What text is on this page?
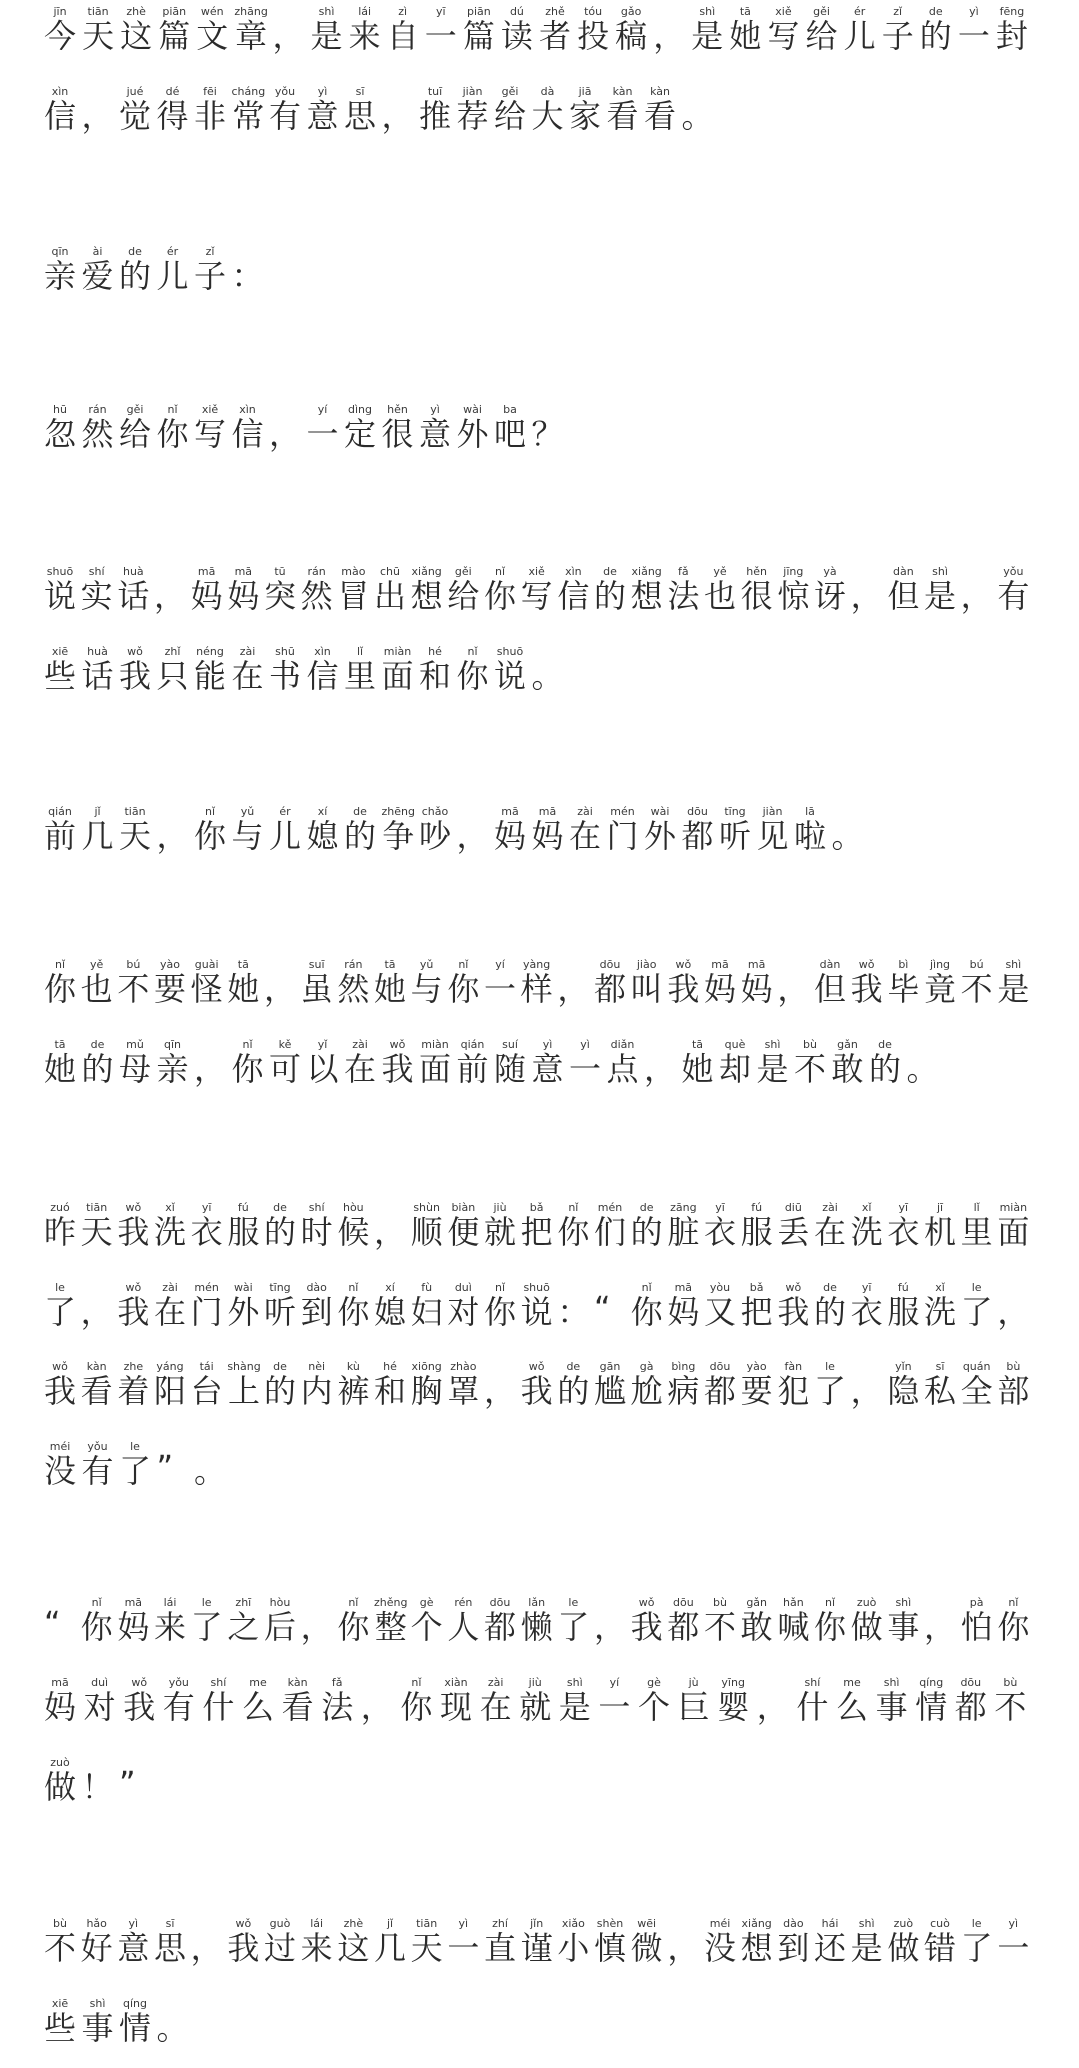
今jīn
天tiān
这zhè
篇piān
文wén
章zhāng
， 是shì
来lái
自zì
一yī
篇piān
读dú
者zhě
投tóu
稿gǎo
， 是shì
她tā
写xiě
给gěi
儿ér
子zǐ
的de
一yì
封fēng
信xìn
， 觉jué
得dé
非fēi
常cháng
有yǒu
意yì
思sī
， 推tuī
荐jiàn
给gěi
大dà
家jiā
看kàn
看kàn
。
亲qīn
爱ài
的de
儿ér
子zǐ
：
忽hū
然rán
给gěi
你nǐ
写xiě
信xìn
， 一yí
定dìng
很hěn
意yì
外wài
吧ba
？
说shuō
实shí
话huà
， 妈mā
妈mā
突tū
然rán
冒mào
出chū
想xiǎng
给gěi
你nǐ
写xiě
信xìn
的de
想xiǎng
法fǎ
也yě
很hěn
惊jīng
讶yà
， 但dàn
是shì
， 有yǒu
些xiē
话huà
我wǒ
只zhǐ
能néng
在zài
书shū
信xìn
里lǐ
面miàn
和hé
你nǐ
说shuō
。
前qián
几jǐ
天tiān
， 你nǐ
与yǔ
儿ér
媳xí
的de
争zhēng
吵chǎo
， 妈mā
妈mā
在zài
门mén
外wài
都dōu
听tīng
见jiàn
啦lā
。
你nǐ
也yě
不bú
要yào
怪guài
她tā
， 虽suī
然rán
她tā
与yǔ
你nǐ
一yí
样yàng
， 都dōu
叫jiào
我wǒ
妈mā
妈mā
， 但dàn
我wǒ
毕bì
竟jìng
不bú
是shì
她tā
的de
母mǔ
亲qīn
， 你nǐ
可kě
以yǐ
在zài
我wǒ
面miàn
前qián
随suí
意yì
一yì
点diǎn
， 她tā
却què
是shì
不bù
敢gǎn
的de
。
昨zuó
天tiān
我wǒ
洗xǐ
衣yī
服fú
的de
时shí
候hòu
， 顺shùn
便biàn
就jiù
把bǎ
你nǐ
们mén
的de
脏zāng
衣yī
服fú
丢diū
在zài
洗xǐ
衣yī
机jī
里lǐ
面miàn
了le
， 我wǒ
在zài
门mén
外wài
听tīng
到dào
你nǐ
媳xí
妇fù
对duì
你nǐ
说shuō
： “ 你nǐ
妈mā
又yòu
把bǎ
我wǒ
的de
衣yī
服fú
洗xǐ
了le
，
我wǒ
看kàn
着zhe
阳yáng
台tái
上shàng
的de
内nèi
裤kù
和hé
胸xiōng
罩zhào
， 我wǒ
的de
尴gān
尬gà
病bìng
都dōu
要yào
犯fàn
了le
， 隐yǐn
私sī
全quán
部bù
没méi
有yǒu
了le
” 。
“ 你nǐ
妈mā
来lái
了le
之zhī
后hòu
， 你nǐ
整zhěng
个gè
人rén
都dōu
懒lǎn
了le
， 我wǒ
都dōu
不bù
敢gǎn
喊hǎn
你nǐ
做zuò
事shì
， 怕pà
你nǐ
妈mā
对duì
我wǒ
有yǒu
什shí
么me
看kàn
法fǎ
， 你nǐ
现xiàn
在zài
就jiù
是shì
一yí
个gè
巨jù
婴yīng
， 什shí
么me
事shì
情qíng
都dōu
不bù
做zuò
！ ”
不bù
好hǎo
意yì
思sī
， 我wǒ
过guò
来lái
这zhè
几jǐ
天tiān
一yì
直zhí
谨jǐn
小xiǎo
慎shèn
微wēi
， 没méi
想xiǎng
到dào
还hái
是shì
做zuò
错cuò
了le
一yì
些xiē
事shì
情qíng
。
